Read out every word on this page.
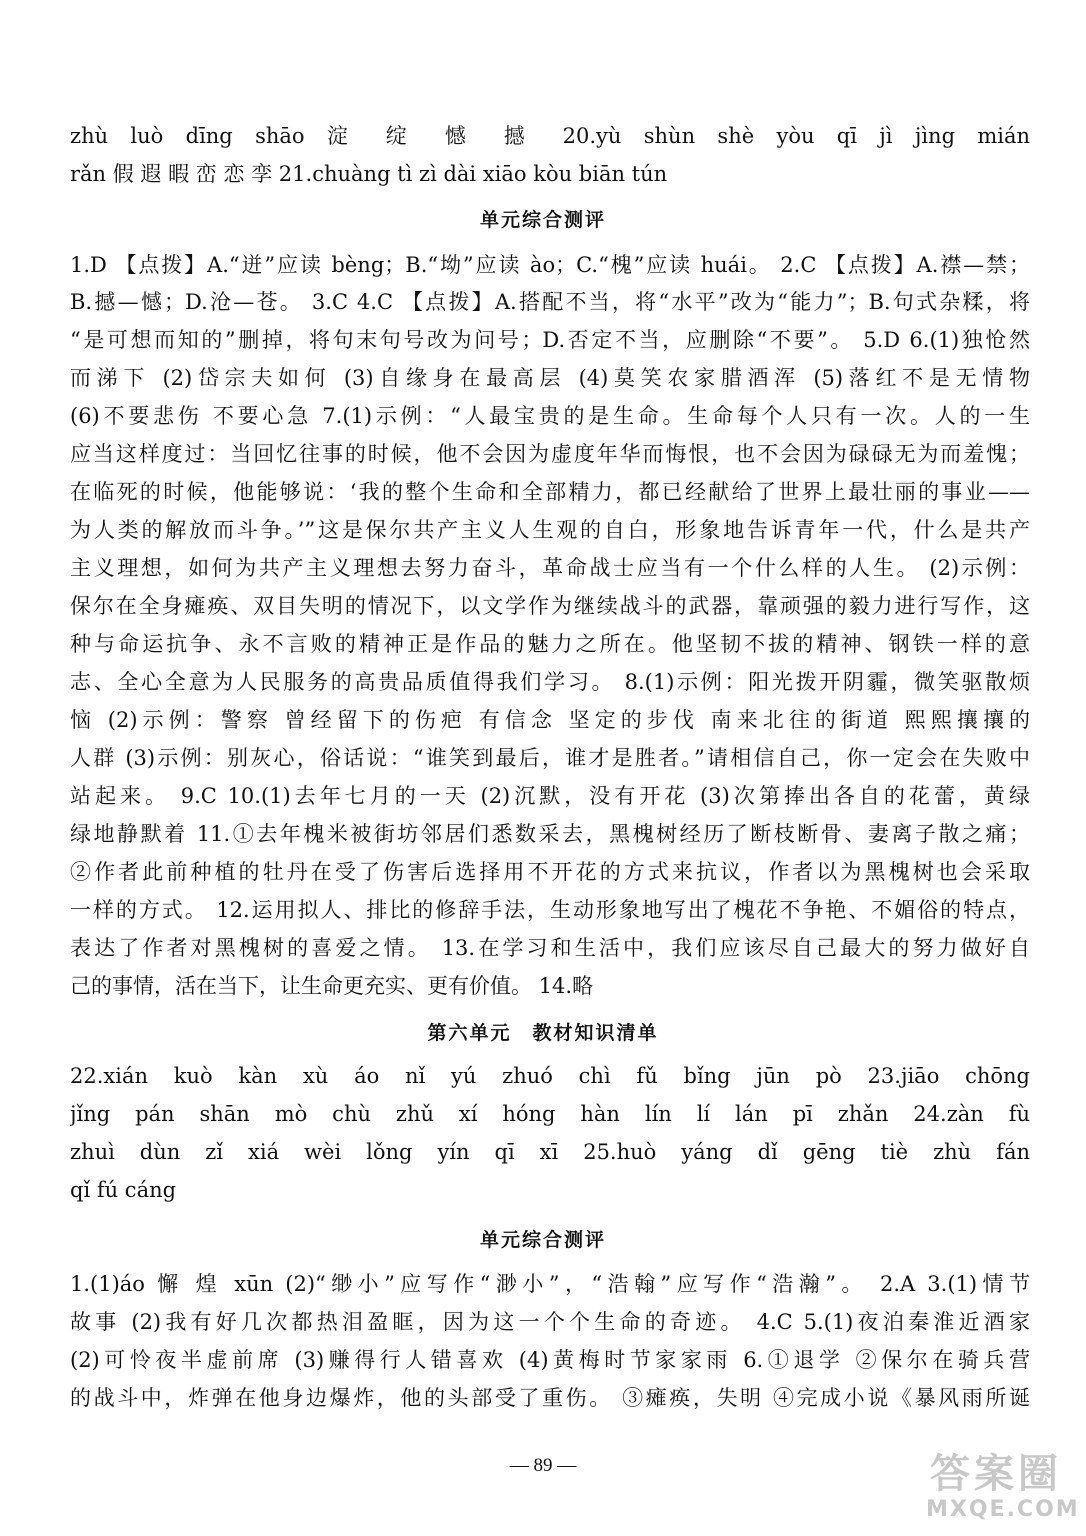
zhù luò dīng shāo 淀 绽 憾 撼 20.yù shùn shè yòu qī jì jìng mián
rǎn 假 遐 暇 峦 恋 孪 21.chuàng tì zì dài xiāo kòu biān tún
单元综合测评
1.D 【点拨】A.“迸”应读 bèng；B.“坳”应读 ào；C.“槐”应读 huái。 2.C 【点拨】A.襟—禁；
B.撼—憾；D.沧—苍。 3.C 4.C 【点拨】A.搭配不当，将“水平”改为“能力”；B.句式杂糅，将
“是可想而知的”删掉，将句末句号改为问号；D.否定不当，应删除“不要”。 5.D 6.(1)独怆然
而涕下 (2)岱宗夫如何 (3)自缘身在最高层 (4)莫笑农家腊酒浑 (5)落红不是无情物
(6)不要悲伤 不要心急 7.(1)示例：“人最宝贵的是生命。生命每个人只有一次。人的一生
应当这样度过：当回忆往事的时候，他不会因为虚度年华而悔恨，也不会因为碌碌无为而羞愧；
在临死的时候，他能够说：‘我的整个生命和全部精力，都已经献给了世界上最壮丽的事业——
为人类的解放而斗争。’”这是保尔共产主义人生观的自白，形象地告诉青年一代，什么是共产
主义理想，如何为共产主义理想去努力奋斗，革命战士应当有一个什么样的人生。 (2)示例：
保尔在全身瘫痪、双目失明的情况下，以文学作为继续战斗的武器，靠顽强的毅力进行写作，这
种与命运抗争、永不言败的精神正是作品的魅力之所在。他坚韧不拔的精神、钢铁一样的意
志、全心全意为人民服务的高贵品质值得我们学习。 8.(1)示例：阳光拨开阴霾，微笑驱散烦
恼 (2)示例：警察 曾经留下的伤疤 有信念 坚定的步伐 南来北往的街道 熙熙攘攘的
人群 (3)示例：别灰心，俗话说：“谁笑到最后，谁才是胜者。”请相信自己，你一定会在失败中
站起来。 9.C 10.(1)去年七月的一天 (2)沉默，没有开花 (3)次第捧出各自的花蕾，黄绿
绿地静默着 11.①去年槐米被街坊邻居们悉数采去，黑槐树经历了断枝断骨、妻离子散之痛；
②作者此前种植的牡丹在受了伤害后选择用不开花的方式来抗议，作者以为黑槐树也会采取
一样的方式。 12.运用拟人、排比的修辞手法，生动形象地写出了槐花不争艳、不媚俗的特点，
表达了作者对黑槐树的喜爱之情。 13.在学习和生活中，我们应该尽自己最大的努力做好自
己的事情，活在当下，让生命更充实、更有价值。 14.略
第六单元　教材知识清单
22.xián kuò kàn xù áo nǐ yú zhuó chì fǔ bǐng jūn pò 23.jiāo chōng
jǐng pán shān mò chù zhǔ xí hóng hàn lín lí lán pī zhǎn 24.zàn fù
zhuì dùn zǐ xiá wèi lǒng yín qī xī 25.huò yáng dǐ gēng tiè zhù fán
qǐ fú cáng
单元综合测评
1.(1)áo 懈 煌 xūn (2)“缈小”应写作“渺小”，“浩翰”应写作“浩瀚”。 2.A 3.(1)情节
故事 (2)我有好几次都热泪盈眶，因为这一个个生命的奇迹。 4.C 5.(1)夜泊秦淮近酒家
(2)可怜夜半虚前席 (3)赚得行人错喜欢 (4)黄梅时节家家雨 6.①退学 ②保尔在骑兵营
的战斗中，炸弹在他身边爆炸，他的头部受了重伤。 ③瘫痪，失明 ④完成小说《暴风雨所诞
— 89 —	答案圈
MXQE.COM
